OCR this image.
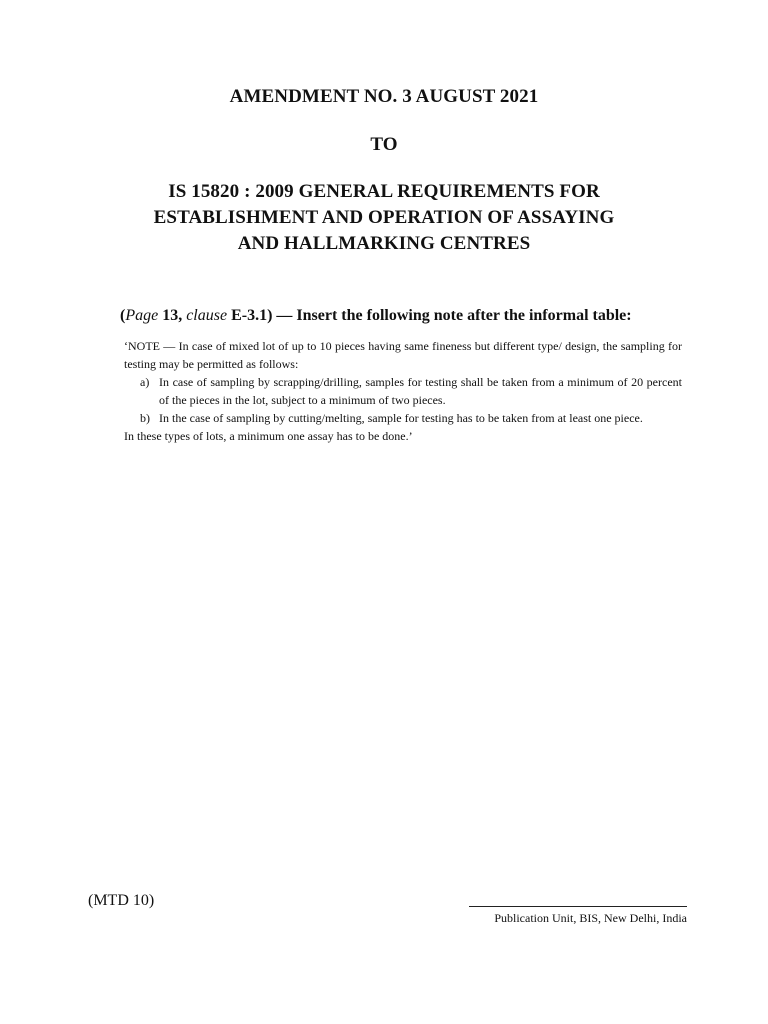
AMENDMENT NO. 3 AUGUST 2021
TO
IS 15820 : 2009 GENERAL REQUIREMENTS FOR
ESTABLISHMENT AND OPERATION OF ASSAYING
AND HALLMARKING CENTRES
(Page 13, clause E-3.1) — Insert the following note after the informal table:

‘NOTE — In case of mixed lot of up to 10 pieces having same fineness but different type/ design, the sampling for testing may be permitted as follows:

a) In case of sampling by scrapping/drilling, samples for testing shall be taken from a minimum of 20 percent of the pieces in the lot, subject to a minimum of two pieces.
b) In the case of sampling by cutting/melting, sample for testing has to be taken from at least one piece.

In these types of lots, a minimum one assay has to be done.’

(MTD 10)
Publication Unit, BIS, New Delhi, India
